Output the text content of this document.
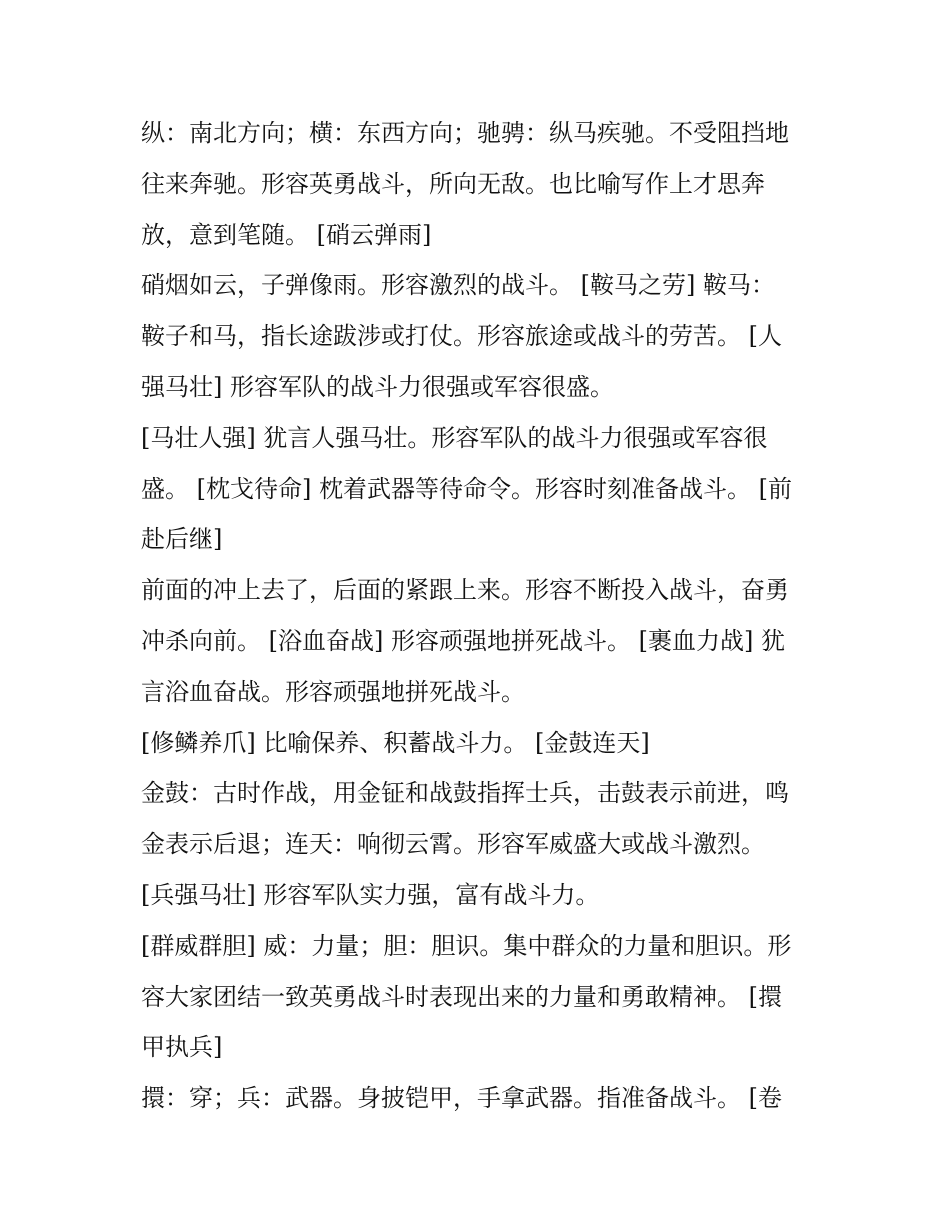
纵：南北方向；横：东西方向；驰骋：纵马疾驰。不受阻挡地
往来奔驰。形容英勇战斗，所向无敌。也比喻写作上才思奔
放，意到笔随。 [硝云弹雨]
硝烟如云，子弹像雨。形容激烈的战斗。 [鞍马之劳] 鞍马：
鞍子和马，指长途跋涉或打仗。形容旅途或战斗的劳苦。 [人
强马壮] 形容军队的战斗力很强或军容很盛。
[马壮人强] 犹言人强马壮。形容军队的战斗力很强或军容很
盛。 [枕戈待命] 枕着武器等待命令。形容时刻准备战斗。 [前
赴后继]
前面的冲上去了，后面的紧跟上来。形容不断投入战斗，奋勇
冲杀向前。 [浴血奋战] 形容顽强地拼死战斗。 [裹血力战] 犹
言浴血奋战。形容顽强地拼死战斗。
[修鳞养爪] 比喻保养、积蓄战斗力。 [金鼓连天]
金鼓：古时作战，用金钲和战鼓指挥士兵，击鼓表示前进，鸣
金表示后退；连天：响彻云霄。形容军威盛大或战斗激烈。
[兵强马壮] 形容军队实力强，富有战斗力。
[群威群胆] 威：力量；胆：胆识。集中群众的力量和胆识。形
容大家团结一致英勇战斗时表现出来的力量和勇敢精神。 [擐
甲执兵]
擐：穿；兵：武器。身披铠甲，手拿武器。指准备战斗。 [卷
